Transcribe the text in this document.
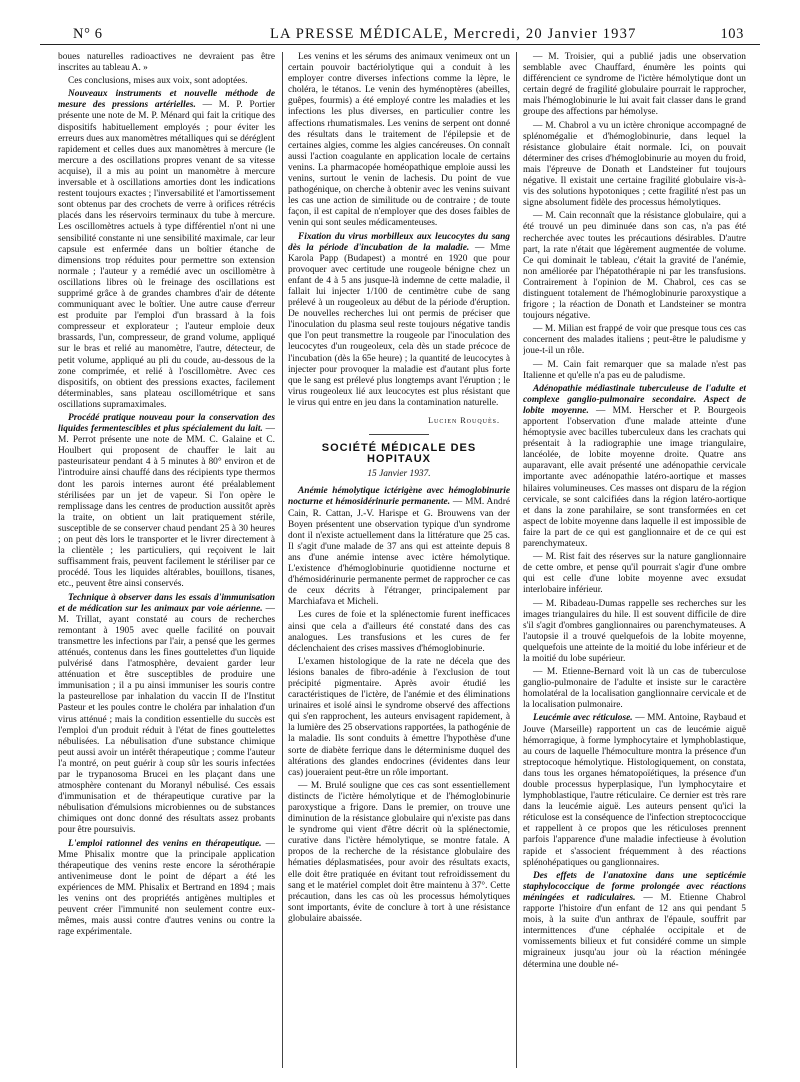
N° 6	LA PRESSE MÉDICALE, Mercredi, 20 Janvier 1937	103

boues naturelles radioactives ne devraient pas être inscrites au tableau A. »

Ces conclusions, mises aux voix, sont adoptées.

Nouveaux instruments et nouvelle méthode de mesure des pressions artérielles. — M. P. Portier présente une note de M. P. Ménard qui fait la critique des dispositifs habituellement employés ; pour éviter les erreurs dues aux manomètres métalliques qui se déréglent rapidement et celles dues aux manomètres à mercure (le mercure a des oscillations propres venant de sa vitesse acquise), il a mis au point un manomètre à mercure inversable et à oscillations amorties dont les indications restent toujours exactes ; l'inversabilité et l'amortissement sont obtenus par des crochets de verre à orifices rétrécis placés dans les réservoirs terminaux du tube à mercure. Les oscillomètres actuels à type différentiel n'ont ni une sensibilité constante ni une sensibilité maximale, car leur capsule est enfermée dans un boîtier étanche de dimensions trop réduites pour permettre son extension normale ; l'auteur y a remédié avec un oscillomètre à oscillations libres où le freinage des oscillations est supprimé grâce à de grandes chambres d'air de détente communiquant avec le boîtier. Une autre cause d'erreur est produite par l'emploi d'un brassard à la fois compresseur et explorateur ; l'auteur emploie deux brassards, l'un, compresseur, de grand volume, appliqué sur le bras et relié au manomètre, l'autre, détecteur, de petit volume, appliqué au pli du coude, au-dessous de la zone comprimée, et relié à l'oscillomètre. Avec ces dispositifs, on obtient des pressions exactes, facilement déterminables, sans plateau oscillométrique et sans oscillations supramaximales.

Procédé pratique nouveau pour la conservation des liquides fermentescibles et plus spécialement du lait. — M. Perrot présente une note de MM. C. Galaine et C. Houlbert qui proposent de chauffer le lait au pasteurisateur pendant 4 à 5 minutes à 80° environ et de l'introduire ainsi chauffé dans des récipients type thermos dont les parois internes auront été préalablement stérilisées par un jet de vapeur. Si l'on opère le remplissage dans les centres de production aussitôt après la traite, on obtient un lait pratiquement stérile, susceptible de se conserver chaud pendant 25 à 30 heures ; on peut dès lors le transporter et le livrer directement à la clientèle ; les particuliers, qui reçoivent le lait suffisamment frais, peuvent facilement le stériliser par ce procédé. Tous les liquides altérables, bouillons, tisanes, etc., peuvent être ainsi conservés.

Technique à observer dans les essais d'immunisation et de médication sur les animaux par voie aérienne. — M. Trillat, ayant constaté au cours de recherches remontant à 1905 avec quelle facilité on pouvait transmettre les infections par l'air, a pensé que les germes atténués, contenus dans les fines gouttelettes d'un liquide pulvérisé dans l'atmosphère, devaient garder leur atténuation et être susceptibles de produire une immunisation ; il a pu ainsi immuniser les souris contre la pasteurellose par inhalation du vaccin II de l'Institut Pasteur et les poules contre le choléra par inhalation d'un virus atténué ; mais la condition essentielle du succès est l'emploi d'un produit réduit à l'état de fines gouttelettes nébulisées. La nébulisation d'une substance chimique peut aussi avoir un intérêt thérapeutique ; comme l'auteur l'a montré, on peut guérir à coup sûr les souris infectées par le trypanosoma Brucei en les plaçant dans une atmosphère contenant du Moranyl nébulisé. Ces essais d'immunisation et de thérapeutique curative par la nébulisation d'émulsions microbiennes ou de substances chimiques ont donc donné des résultats assez probants pour être poursuivis.

L'emploi rationnel des venins en thérapeutique. — Mme Phisalix montre que la principale application thérapeutique des venins reste encore la sérothérapie antivenimeuse dont le point de départ a été les expériences de MM. Phisalix et Bertrand en 1894 ; mais les venins ont des propriétés antigènes multiples et peuvent créer l'immunité non seulement contre eux-mêmes, mais aussi contre d'autres venins ou contre la rage expérimentale.

Les venins et les sérums des animaux venimeux ont un certain pouvoir bactériolytique qui a conduit à les employer contre diverses infections comme la lèpre, le choléra, le tétanos. Le venin des hyménoptères (abeilles, guêpes, fourmis) a été employé contre les maladies et les infections les plus diverses, en particulier contre les affections rhumatismales. Les venins de serpent ont donné des résultats dans le traitement de l'épilepsie et de certaines algies, comme les algies cancéreuses. On connaît aussi l'action coagulante en application locale de certains venins. La pharmacopée homéopathique emploie aussi les venins, surtout le venin de lachesis. Du point de vue pathogénique, on cherche à obtenir avec les venins suivant les cas une action de similitude ou de contraire ; de toute façon, il est capital de n'employer que des doses faibles de venin qui sont seules médicamenteuses.

Fixation du virus morbilleux aux leucocytes du sang dès la période d'incubation de la maladie. — Mme Karola Papp (Budapest) a montré en 1920 que pour provoquer avec certitude une rougeole bénigne chez un enfant de 4 à 5 ans jusque-là indemne de cette maladie, il fallait lui injecter 1/100 de centimètre cube de sang prélevé à un rougeoleux au début de la période d'éruption. De nouvelles recherches lui ont permis de préciser que l'inoculation du plasma seul reste toujours négative tandis que l'on peut transmettre la rougeole par l'inoculation des leucocytes d'un rougeoleux, cela dès un stade précoce de l'incubation (dès la 65e heure) ; la quantité de leucocytes à injecter pour provoquer la maladie est d'autant plus forte que le sang est prélevé plus longtemps avant l'éruption ; le virus rougeoleux lié aux leucocytes est plus résistant que le virus qui entre en jeu dans la contamination naturelle.

Lucien Rouquès.
SOCIÉTÉ MÉDICALE DES HOPITAUX
15 Janvier 1937.

Anémie hémolytique ictérigène avec hémoglobinurie nocturne et hémosidérinurie permanente. — MM. André Cain, R. Cattan, J.-V. Harispe et G. Brouwens van der Boyen présentent une observation typique d'un syndrome dont il n'existe actuellement dans la littérature que 25 cas. Il s'agit d'une malade de 37 ans qui est atteinte depuis 8 ans d'une anémie intense avec ictère hémolytique. L'existence d'hémoglobinurie quotidienne nocturne et d'hémosidérinurie permanente permet de rapprocher ce cas de ceux décrits à l'étranger, principalement par Marchiafava et Micheli.

Les cures de foie et la splénectomie furent inefficaces ainsi que cela a d'ailleurs été constaté dans des cas analogues. Les transfusions et les cures de fer déclenchaient des crises massives d'hémoglobinurie.

L'examen histologique de la rate ne décela que des lésions banales de fibro-adénie à l'exclusion de tout précipité pigmentaire. Après avoir étudié les caractéristiques de l'ictère, de l'anémie et des éliminations urinaires et isolé ainsi le syndrome observé des affections qui s'en rapprochent, les auteurs envisagent rapidement, à la lumière des 25 observations rapportées, la pathogénie de la maladie. Ils sont conduits à émettre l'hypothèse d'une sorte de diabète ferrique dans le déterminisme duquel des altérations des glandes endocrines (évidentes dans leur cas) joueraient peut-être un rôle important.

— M. Brulé souligne que ces cas sont essentiellement distincts de l'ictère hémolytique et de l'hémoglobinurie paroxystique a frigore. Dans le premier, on trouve une diminution de la résistance globulaire qui n'existe pas dans le syndrome qui vient d'être décrit où la splénectomie, curative dans l'ictère hémolytique, se montre fatale. A propos de la recherche de la résistance globulaire des hématies déplasmatisées, pour avoir des résultats exacts, elle doit être pratiquée en évitant tout refroidissement du sang et le matériel complet doit être maintenu à 37°. Cette précaution, dans les cas où les processus hémolytiques sont importants, évite de conclure à tort à une résistance globulaire abaissée.

— M. Troisier, qui a publié jadis une observation semblable avec Chauffard, énumère les points qui différencient ce syndrome de l'ictère hémolytique dont un certain degré de fragilité globulaire pourrait le rapprocher, mais l'hémoglobinurie le lui avait fait classer dans le grand groupe des affections par hémolyse.

— M. Chabrol a vu un ictère chronique accompagné de splénomégalie et d'hémoglobinurie, dans lequel la résistance globulaire était normale. Ici, on pouvait déterminer des crises d'hémoglobinurie au moyen du froid, mais l'épreuve de Donath et Landsteiner fut toujours négative. Il existait une certaine fragilité globulaire vis-à-vis des solutions hypotoniques ; cette fragilité n'est pas un signe absolument fidèle des processus hémolytiques.

— M. Cain reconnaît que la résistance globulaire, qui a été trouvé un peu diminuée dans son cas, n'a pas été recherchée avec toutes les précautions désirables. D'autre part, la rate n'était que légèrement augmentée de volume. Ce qui dominait le tableau, c'était la gravité de l'anémie, non améliorée par l'hépatothérapie ni par les transfusions. Contrairement à l'opinion de M. Chabrol, ces cas se distinguent totalement de l'hémoglobinurie paroxystique a frigore ; la réaction de Donath et Landsteiner se montra toujours négative.

— M. Milian est frappé de voir que presque tous ces cas concernent des malades italiens ; peut-être le paludisme y joue-t-il un rôle.

— M. Cain fait remarquer que sa malade n'est pas Italienne et qu'elle n'a pas eu de paludisme.

Adénopathie médiastinale tuberculeuse de l'adulte et complexe ganglio-pulmonaire secondaire. Aspect de lobite moyenne. — MM. Herscher et P. Bourgeois apportent l'observation d'une malade atteinte d'une hémoptysie avec bacilles tuberculeux dans les crachats qui présentait à la radiographie une image triangulaire, lancéolée, de lobite moyenne droite. Quatre ans auparavant, elle avait présenté une adénopathie cervicale importante avec adénopathie latéro-aortique et masses hilaires volumineuses. Ces masses ont disparu de la région cervicale, se sont calcifiées dans la région latéro-aortique et dans la zone parahilaire, se sont transformées en cet aspect de lobite moyenne dans laquelle il est impossible de faire la part de ce qui est ganglionnaire et de ce qui est parenchymateux.

— M. Rist fait des réserves sur la nature ganglionnaire de cette ombre, et pense qu'il pourrait s'agir d'une ombre qui est celle d'une lobite moyenne avec exsudat interlobaire inférieur.

— M. Ribadeau-Dumas rappelle ses recherches sur les images triangulaires du hile. Il est souvent difficile de dire s'il s'agit d'ombres ganglionnaires ou parenchymateuses. A l'autopsie il a trouvé quelquefois de la lobite moyenne, quelquefois une atteinte de la moitié du lobe inférieur et de la moitié du lobe supérieur.

— M. Etienne-Bernard voit là un cas de tuberculose ganglio-pulmonaire de l'adulte et insiste sur le caractère homolatéral de la localisation ganglionnaire cervicale et de la localisation pulmonaire.

Leucémie avec réticulose. — MM. Antoine, Raybaud et Jouve (Marseille) rapportent un cas de leucémie aiguë hémorragique, à forme lymphocytaire et lymphoblastique, au cours de laquelle l'hémoculture montra la présence d'un streptocoque hémolytique. Histologiquement, on constata, dans tous les organes hématopoïétiques, la présence d'un double processus hyperplasique, l'un lymphocytaire et lymphoblastique, l'autre réticulaire. Ce dernier est très rare dans la leucémie aiguë. Les auteurs pensent qu'ici la réticulose est la conséquence de l'infection streptococcique et rappellent à ce propos que les réticuloses prennent parfois l'apparence d'une maladie infectieuse à évolution rapide et s'associent fréquemment à des réactions splénohépatiques ou ganglionnaires.

Des effets de l'anatoxine dans une septicémie staphylococcique de forme prolongée avec réactions méningées et radiculaires. — M. Etienne Chabrol rapporte l'histoire d'un enfant de 12 ans qui pendant 5 mois, à la suite d'un anthrax de l'épaule, souffrit par intermittences d'une céphalée occipitale et de vomissements bilieux et fut considéré comme un simple migraineux jusqu'au jour où la réaction méningée détermina une double né-
